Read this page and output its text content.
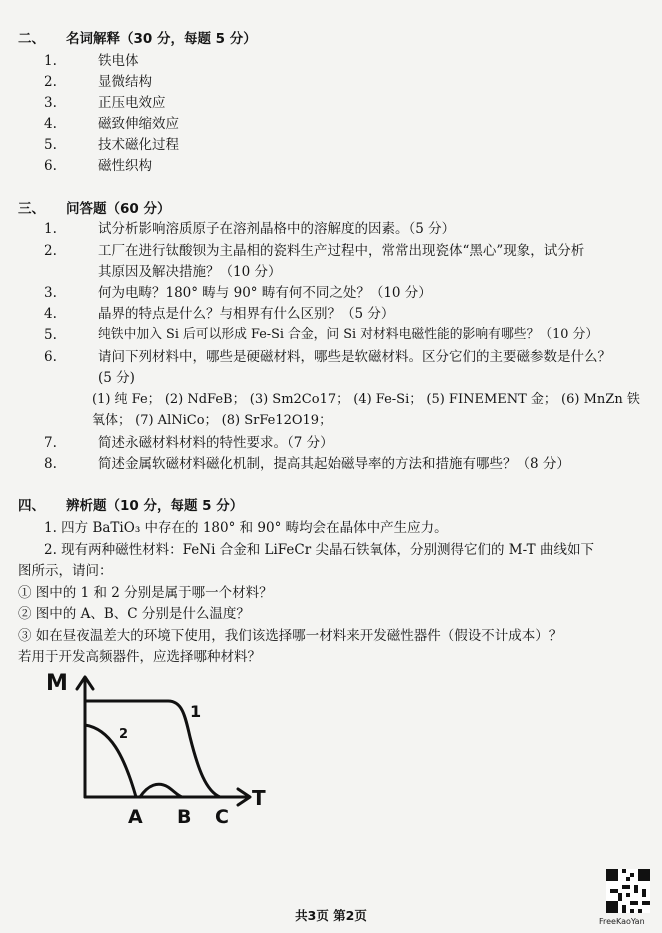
二、 名词解释（30 分，每题 5 分）
1.	铁电体
2.	显微结构
3.	正压电效应
4.	磁致伸缩效应
5.	技术磁化过程
6.	磁性织构
三、 问答题（60 分）
1.	试分析影响溶质原子在溶剂晶格中的溶解度的因素。（5 分）
2.	工厂在进行钛酸钡为主晶相的瓷料生产过程中，常常出现瓷体“黑心”现象，试分析
其原因及解决措施？（10 分）
3.	何为电畴？180° 畴与 90° 畴有何不同之处？（10 分）
4.	晶界的特点是什么？与相界有什么区别？（5 分）
5.	纯铁中加入 Si 后可以形成 Fe-Si 合金，问 Si 对材料电磁性能的影响有哪些？（10 分）
6.	请问下列材料中，哪些是硬磁材料，哪些是软磁材料。区分它们的主要磁参数是什么？
(5 分)
(1) 纯 Fe； (2) NdFeB； (3) Sm2Co17； (4) Fe-Si； (5) FINEMENT 金； (6) MnZn 铁
氧体； (7) AlNiCo； (8) SrFe12O19；
7.	简述永磁材料材料的特性要求。（7 分）
8.	简述金属软磁材料磁化机制，提高其起始磁导率的方法和措施有哪些？（8 分）
四、 辨析题（10 分，每题 5 分）
1. 四方 BaTiO₃ 中存在的 180° 和 90° 畴均会在晶体中产生应力。
2. 现有两种磁性材料：FeNi 合金和 LiFeCr 尖晶石铁氧体，分别测得它们的 M-T 曲线如下
图所示，请问：
① 图中的 1 和 2 分别是属于哪一个材料？
② 图中的 A、B、C 分别是什么温度？
③ 如在昼夜温差大的环境下使用，我们该选择哪一材料来开发磁性器件（假设不计成本）？
若用于开发高频器件，应选择哪种材料？
M
T
1
2
A B C
共3页 第2页	FreeKaoYan
